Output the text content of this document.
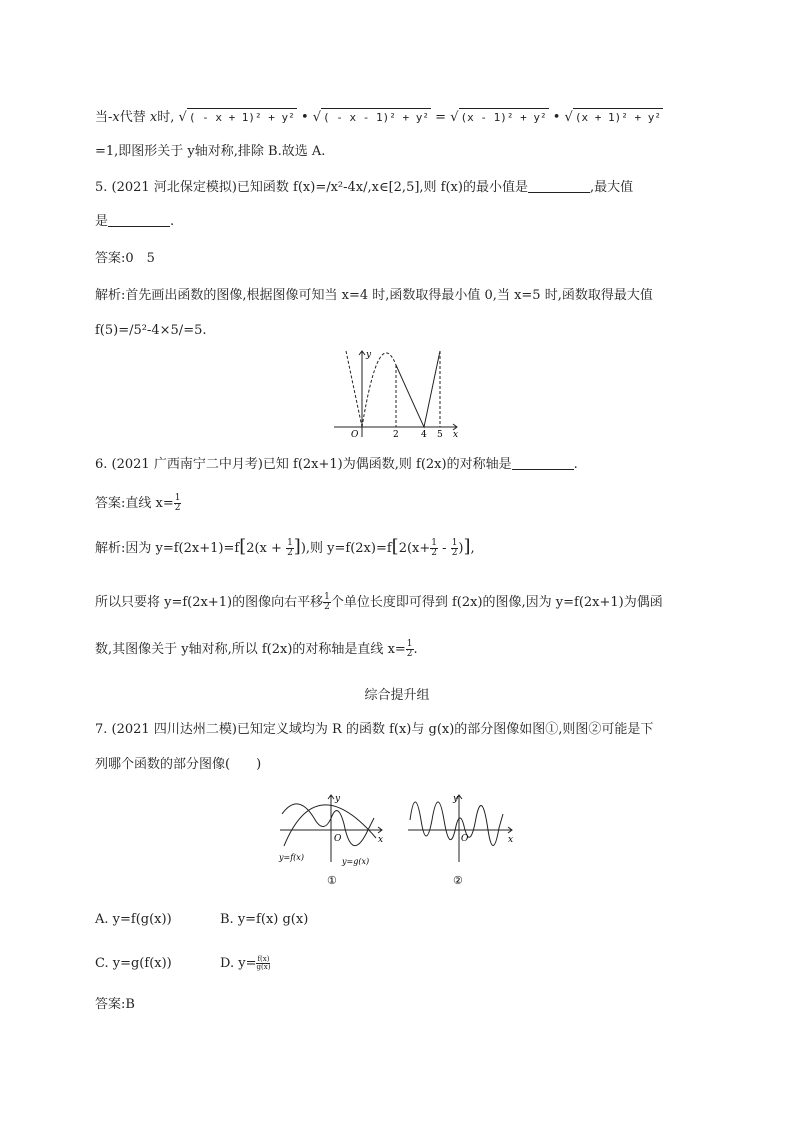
当-x代替 x时, √ ( - x + 1)² + y² • √ ( - x - 1)² + y² = √ (x - 1)² + y² • √ (x + 1)² + y²
=1,即图形关于 y轴对称,排除 B.故选 A.
5. (2021 河北保定模拟)已知函数 f(x)=/x²-4x/,x∈[2,5],则 f(x)的最小值是	,最大值
是	.
答案:0　5
解析:首先画出函数的图像,根据图像可知当 x=4 时,函数取得最小值 0,当 x=5 时,函数取得最大值
f(5)=/5²-4×5/=5.
y
x
O	2 4 5
6. (2021 广西南宁二中月考)已知 f(2x+1)为偶函数,则 f(2x)的对称轴是	.
答案:直线 $x= \frac{1}{2}$
解析:因为 $y=f(2x+1)=f[2(x + \frac{1}{2}$ ]),则 $y=f(2x)=f[2(x+ \frac{1}{2} - \frac{1}{2}$ )],
所以只要将 y=f(2x+1)的图像向右平移 $\frac{1}{2}$ 个单位长度即可得到 f(2x)的图像,因为 y=f(2x+1)为偶函
数,其图像关于 y轴对称,所以 f(2x)的对称轴是直线 $x= \frac{1}{2}$ .
综合提升组
7. (2021 四川达州二模)已知定义域均为 R 的函数 f(x)与 g(x)的部分图像如图①,则图②可能是下
列哪个函数的部分图像(　　)
y
x
O
y=f(x)	y=g(x)
①
y
x
O
②
A. y=f(g(x))	B. y=f(x) g(x)
C. y=g(f(x))	D. $y= \frac{f(x)}{g(x)}$
答案:B
